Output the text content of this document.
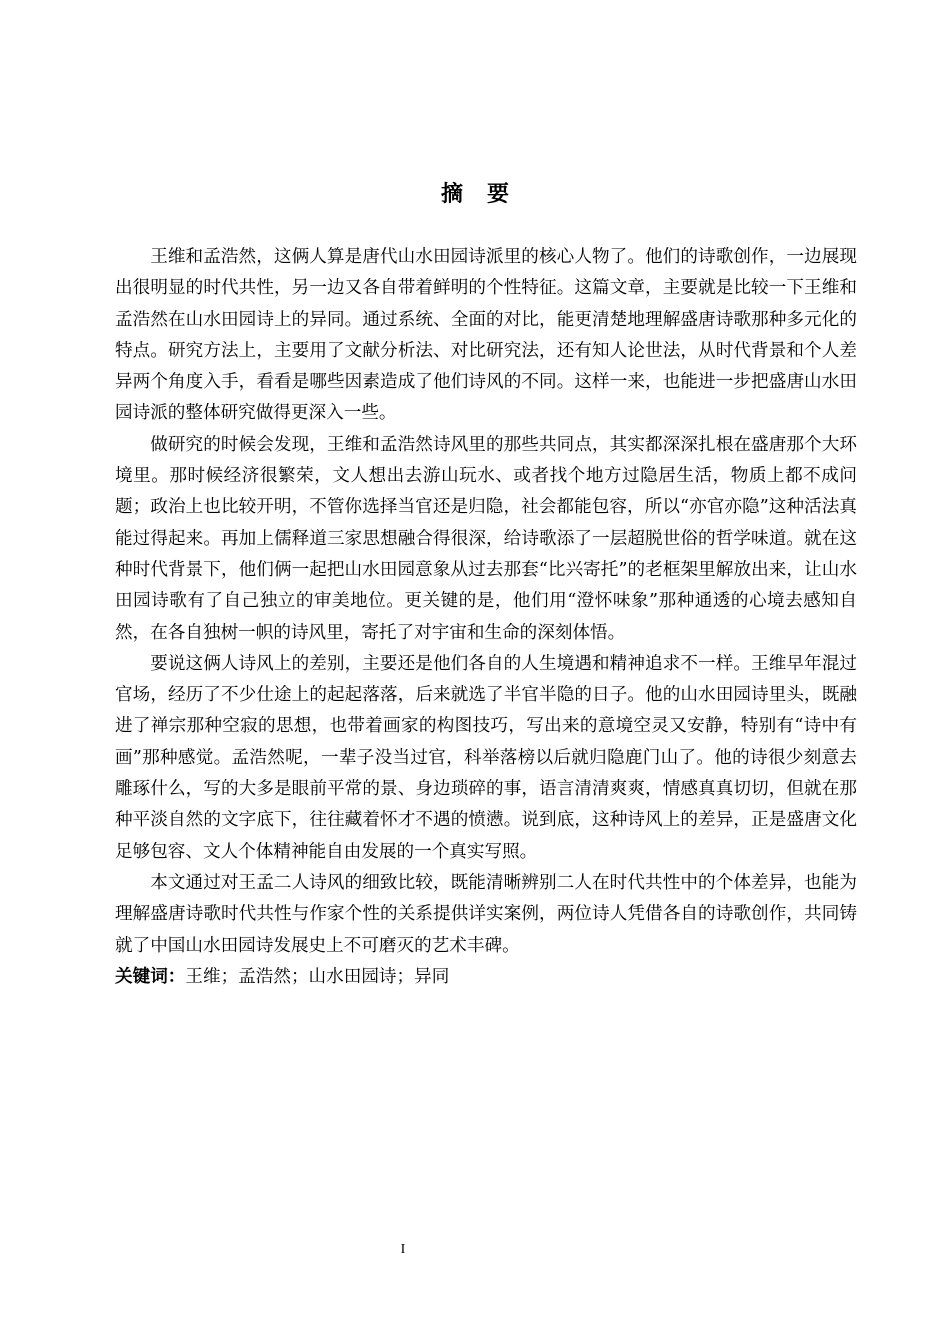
摘要

王维和孟浩然，这俩人算是唐代山水田园诗派里的核心人物了。他们的诗歌创作，一边展现出很明显的时代共性，另一边又各自带着鲜明的个性特征。这篇文章，主要就是比较一下王维和孟浩然在山水田园诗上的异同。通过系统、全面的对比，能更清楚地理解盛唐诗歌那种多元化的特点。研究方法上，主要用了文献分析法、对比研究法，还有知人论世法，从时代背景和个人差异两个角度入手，看看是哪些因素造成了他们诗风的不同。这样一来，也能进一步把盛唐山水田园诗派的整体研究做得更深入一些。

做研究的时候会发现，王维和孟浩然诗风里的那些共同点，其实都深深扎根在盛唐那个大环境里。那时候经济很繁荣，文人想出去游山玩水、或者找个地方过隐居生活，物质上都不成问题；政治上也比较开明，不管你选择当官还是归隐，社会都能包容，所以“亦官亦隐”这种活法真能过得起来。再加上儒释道三家思想融合得很深，给诗歌添了一层超脱世俗的哲学味道。就在这种时代背景下，他们俩一起把山水田园意象从过去那套“比兴寄托”的老框架里解放出来，让山水田园诗歌有了自己独立的审美地位。更关键的是，他们用“澄怀味象”那种通透的心境去感知自然，在各自独树一帜的诗风里，寄托了对宇宙和生命的深刻体悟。

要说这俩人诗风上的差别，主要还是他们各自的人生境遇和精神追求不一样。王维早年混过官场，经历了不少仕途上的起起落落，后来就选了半官半隐的日子。他的山水田园诗里头，既融进了禅宗那种空寂的思想，也带着画家的构图技巧，写出来的意境空灵又安静，特别有“诗中有画”那种感觉。孟浩然呢，一辈子没当过官，科举落榜以后就归隐鹿门山了。他的诗很少刻意去雕琢什么，写的大多是眼前平常的景、身边琐碎的事，语言清清爽爽，情感真真切切，但就在那种平淡自然的文字底下，往往藏着怀才不遇的愤懑。说到底，这种诗风上的差异，正是盛唐文化足够包容、文人个体精神能自由发展的一个真实写照。

本文通过对王孟二人诗风的细致比较，既能清晰辨别二人在时代共性中的个体差异，也能为理解盛唐诗歌时代共性与作家个性的关系提供详实案例，两位诗人凭借各自的诗歌创作，共同铸就了中国山水田园诗发展史上不可磨灭的艺术丰碑。

关键词：王维；孟浩然；山水田园诗；异同

I
